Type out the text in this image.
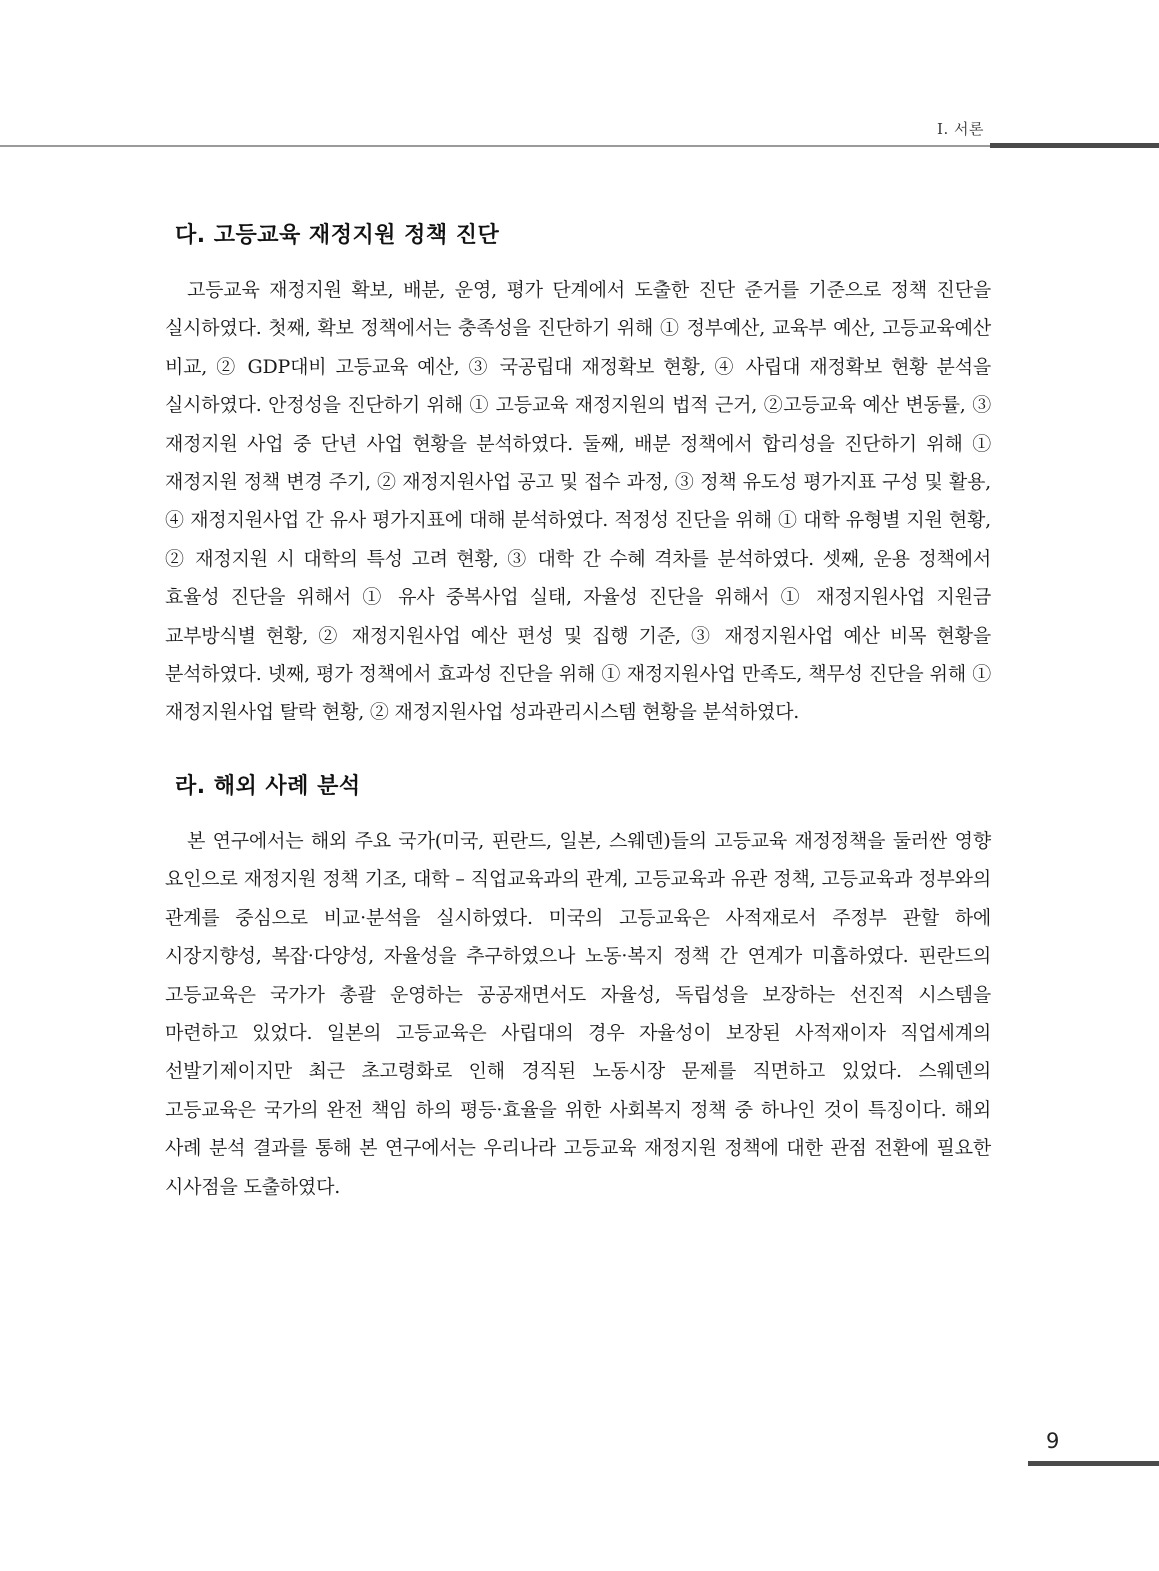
Ⅰ. 서론
다. 고등교육 재정지원 정책 진단

고등교육 재정지원 확보, 배분, 운영, 평가 단계에서 도출한 진단 준거를 기준으로 정책 진단을 실시하였다. 첫째, 확보 정책에서는 충족성을 진단하기 위해 ① 정부예산, 교육부 예산, 고등교육예산 비교, ② GDP대비 고등교육 예산, ③ 국공립대 재정확보 현황, ④ 사립대 재정확보 현황 분석을 실시하였다. 안정성을 진단하기 위해 ① 고등교육 재정지원의 법적 근거, ②고등교육 예산 변동률, ③ 재정지원 사업 중 단년 사업 현황을 분석하였다. 둘째, 배분 정책에서 합리성을 진단하기 위해 ① 재정지원 정책 변경 주기, ② 재정지원사업 공고 및 접수 과정, ③ 정책 유도성 평가지표 구성 및 활용, ④ 재정지원사업 간 유사 평가지표에 대해 분석하였다. 적정성 진단을 위해 ① 대학 유형별 지원 현황, ② 재정지원 시 대학의 특성 고려 현황, ③ 대학 간 수혜 격차를 분석하였다. 셋째, 운용 정책에서 효율성 진단을 위해서 ① 유사 중복사업 실태, 자율성 진단을 위해서 ① 재정지원사업 지원금 교부방식별 현황, ② 재정지원사업 예산 편성 및 집행 기준, ③ 재정지원사업 예산 비목 현황을 분석하였다. 넷째, 평가 정책에서 효과성 진단을 위해 ① 재정지원사업 만족도, 책무성 진단을 위해 ① 재정지원사업 탈락 현황, ② 재정지원사업 성과관리시스템 현황을 분석하였다.

라. 해외 사례 분석

본 연구에서는 해외 주요 국가(미국, 핀란드, 일본, 스웨덴)들의 고등교육 재정정책을 둘러싼 영향 요인으로 재정지원 정책 기조, 대학 – 직업교육과의 관계, 고등교육과 유관 정책, 고등교육과 정부와의 관계를 중심으로 비교·분석을 실시하였다. 미국의 고등교육은 사적재로서 주정부 관할 하에 시장지향성, 복잡·다양성, 자율성을 추구하였으나 노동·복지 정책 간 연계가 미흡하였다. 핀란드의 고등교육은 국가가 총괄 운영하는 공공재면서도 자율성, 독립성을 보장하는 선진적 시스템을 마련하고 있었다. 일본의 고등교육은 사립대의 경우 자율성이 보장된 사적재이자 직업세계의 선발기제이지만 최근 초고령화로 인해 경직된 노동시장 문제를 직면하고 있었다. 스웨덴의 고등교육은 국가의 완전 책임 하의 평등·효율을 위한 사회복지 정책 중 하나인 것이 특징이다. 해외 사례 분석 결과를 통해 본 연구에서는 우리나라 고등교육 재정지원 정책에 대한 관점 전환에 필요한 시사점을 도출하였다.

9
